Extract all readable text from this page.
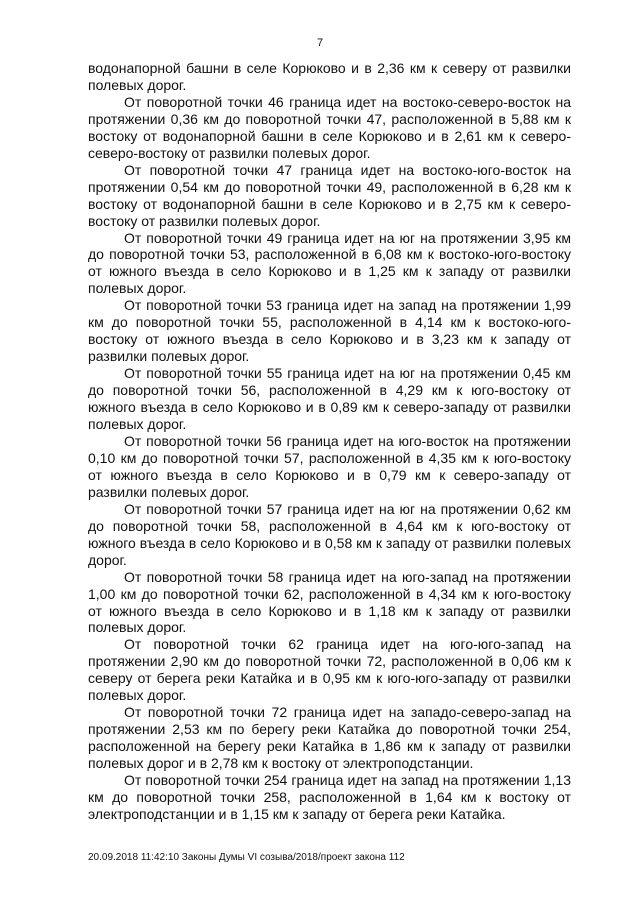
7

водонапорной башни в селе Корюково и в 2,36 км к северу от развилки полевых дорог.

От поворотной точки 46 граница идет на востоко-северо-восток на протяжении 0,36 км до поворотной точки 47, расположенной в 5,88 км к востоку от водонапорной башни в селе Корюково и в 2,61 км к северо-северо-востоку от развилки полевых дорог.

От поворотной точки 47 граница идет на востоко-юго-восток на протяжении 0,54 км до поворотной точки 49, расположенной в 6,28 км к востоку от водонапорной башни в селе Корюково и в 2,75 км к северо-востоку от развилки полевых дорог.

От поворотной точки 49 граница идет на юг на протяжении 3,95 км до поворотной точки 53, расположенной в 6,08 км к востоко-юго-востоку от южного въезда в село Корюково и в 1,25 км к западу от развилки полевых дорог.

От поворотной точки 53 граница идет на запад на протяжении 1,99 км до поворотной точки 55, расположенной в 4,14 км к востоко-юго-востоку от южного въезда в село Корюково и в 3,23 км к западу от развилки полевых дорог.

От поворотной точки 55 граница идет на юг на протяжении 0,45 км до поворотной точки 56, расположенной в 4,29 км к юго-востоку от южного въезда в село Корюково и в 0,89 км к северо-западу от развилки полевых дорог.

От поворотной точки 56 граница идет на юго-восток на протяжении 0,10 км до поворотной точки 57, расположенной в 4,35 км к юго-востоку от южного въезда в село Корюково и в 0,79 км к северо-западу от развилки полевых дорог.

От поворотной точки 57 граница идет на юг на протяжении 0,62 км до поворотной точки 58, расположенной в 4,64 км к юго-востоку от южного въезда в село Корюково и в 0,58 км к западу от развилки полевых дорог.

От поворотной точки 58 граница идет на юго-запад на протяжении 1,00 км до поворотной точки 62, расположенной в 4,34 км к юго-востоку от южного въезда в село Корюково и в 1,18 км к западу от развилки полевых дорог.

От поворотной точки 62 граница идет на юго-юго-запад на протяжении 2,90 км до поворотной точки 72, расположенной в 0,06 км к северу от берега реки Катайка и в 0,95 км к юго-юго-западу от развилки полевых дорог.

От поворотной точки 72 граница идет на западо-северо-запад на протяжении 2,53 км по берегу реки Катайка до поворотной точки 254, расположенной на берегу реки Катайка в 1,86 км к западу от развилки полевых дорог и в 2,78 км к востоку от электроподстанции.

От поворотной точки 254 граница идет на запад на протяжении 1,13 км до поворотной точки 258, расположенной в 1,64 км к востоку от электроподстанции и в 1,15 км к западу от берега реки Катайка.

20.09.2018 11:42:10 Законы Думы VI созыва/2018/проект закона 112
